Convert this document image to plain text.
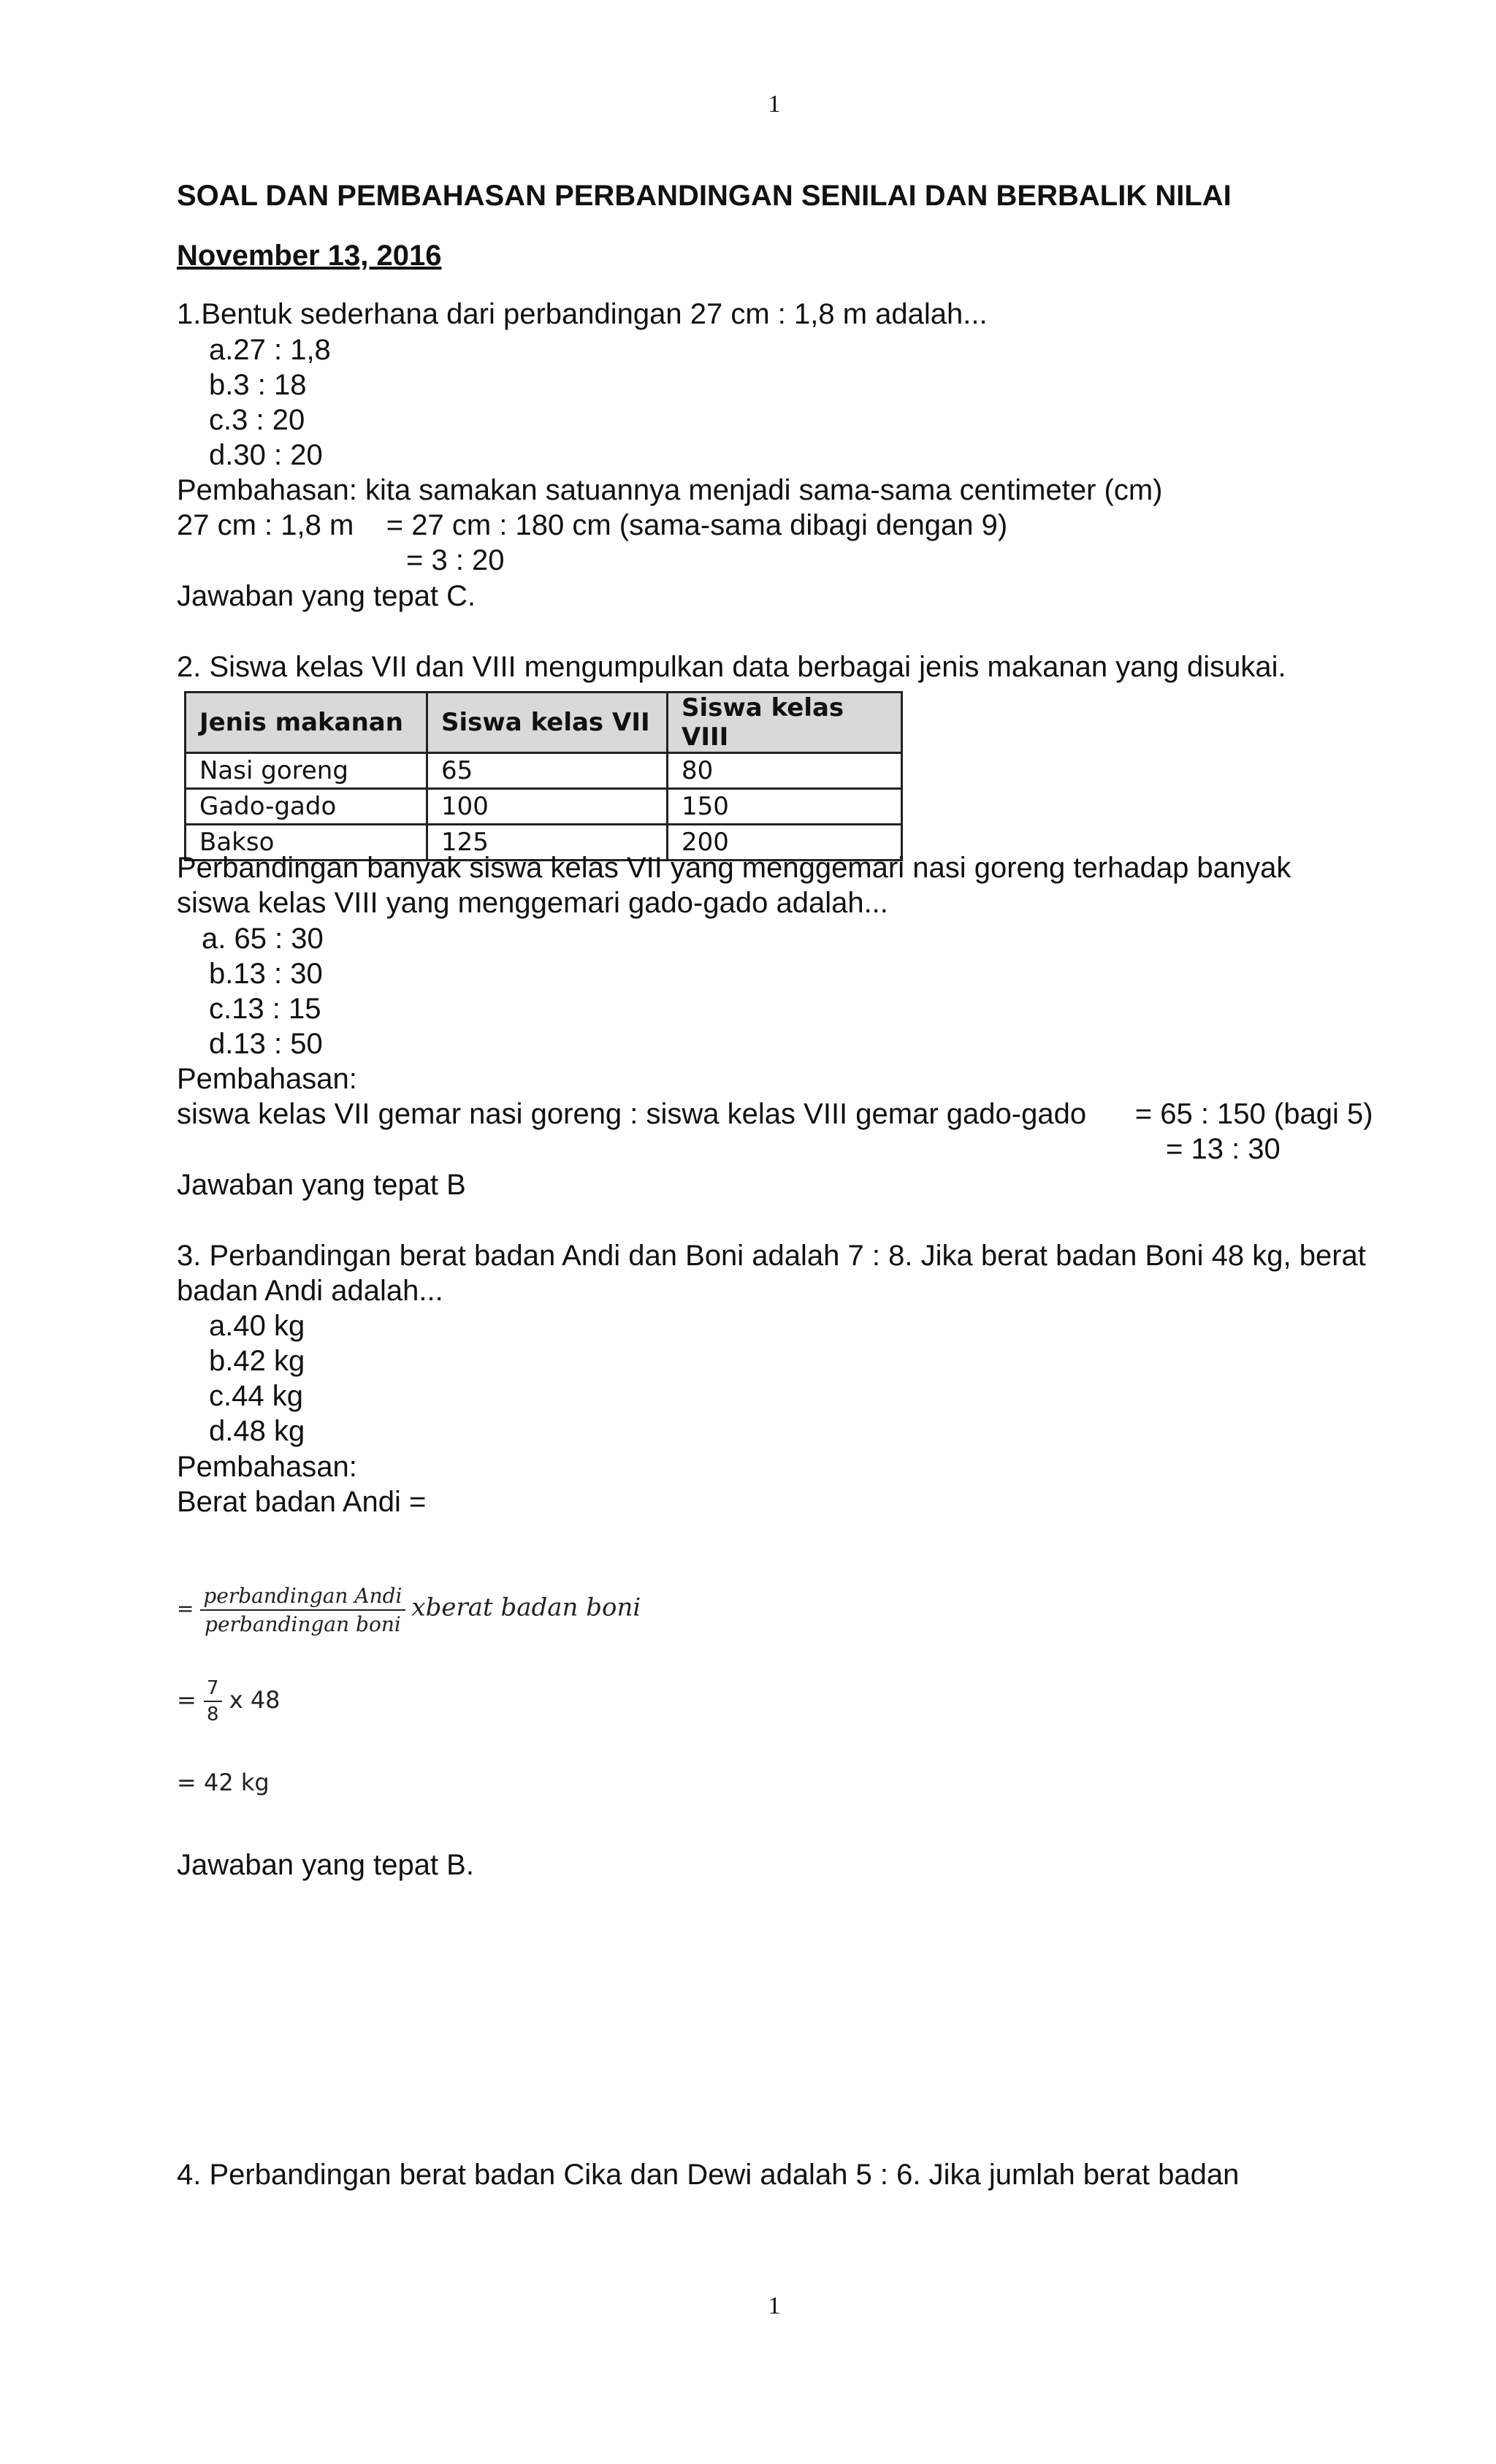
1
SOAL DAN PEMBAHASAN PERBANDINGAN SENILAI DAN BERBALIK NILAI
November 13, 2016
1.Bentuk sederhana dari perbandingan 27 cm : 1,8 m adalah...
a.27 : 1,8
b.3 : 18
c.3 : 20
d.30 : 20
Pembahasan: kita samakan satuannya menjadi sama-sama centimeter (cm)
27 cm : 1,8 m    = 27 cm : 180 cm (sama-sama dibagi dengan 9)
= 3 : 20
Jawaban yang tepat C.
2. Siswa kelas VII dan VIII mengumpulkan data berbagai jenis makanan yang disukai.
Jenis makanan	Siswa kelas VII	Siswa kelas VIII
Nasi goreng	65	80
Gado-gado	100	150
Bakso	125	200
Perbandingan banyak siswa kelas VII yang menggemari nasi goreng terhadap banyak
siswa kelas VIII yang menggemari gado-gado adalah...
a. 65 : 30
b.13 : 30
c.13 : 15
d.13 : 50
Pembahasan:
siswa kelas VII gemar nasi goreng : siswa kelas VIII gemar gado-gado      = 65 : 150 (bagi 5)
= 13 : 30
Jawaban yang tepat B
3. Perbandingan berat badan Andi dan Boni adalah 7 : 8. Jika berat badan Boni 48 kg, berat
badan Andi adalah...
a.40 kg
b.42 kg
c.44 kg
d.48 kg
Pembahasan:
Berat badan Andi =
= $\frac{\text{perbandingan Andi}}{\text{perbandingan boni}}$ xberat badan boni
= $\frac{7}{8}$ x 48
= 42 kg
Jawaban yang tepat B.
4. Perbandingan berat badan Cika dan Dewi adalah 5 : 6. Jika jumlah berat badan
1
